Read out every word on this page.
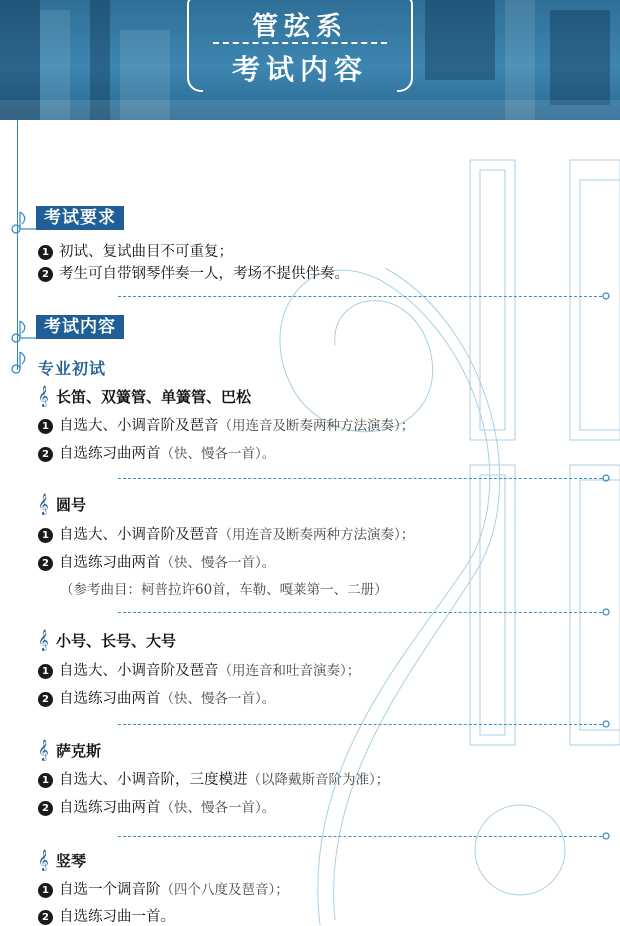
管弦系
考试内容
考试要求
1 初试、复试曲目不可重复；
2 考生可自带钢琴伴奏一人，考场不提供伴奏。
考试内容
专业初试
𝄞 长笛、双簧管、单簧管、巴松
1 自选大、小调音阶及琶音（用连音及断奏两种方法演奏）；
2 自选练习曲两首（快、慢各一首）。
𝄞 圆号
1 自选大、小调音阶及琶音（用连音及断奏两种方法演奏）；
2 自选练习曲两首（快、慢各一首）。
（参考曲目：柯普拉许60首，车勒、嘎莱第一、二册）
𝄞 小号、长号、大号
1 自选大、小调音阶及琶音（用连音和吐音演奏）；
2 自选练习曲两首（快、慢各一首）。
𝄞 萨克斯
1 自选大、小调音阶，三度模进（以降戴斯音阶为准）；
2 自选练习曲两首（快、慢各一首）。
𝄞 竖琴
1 自选一个调音阶（四个八度及琶音）；
2 自选练习曲一首。
